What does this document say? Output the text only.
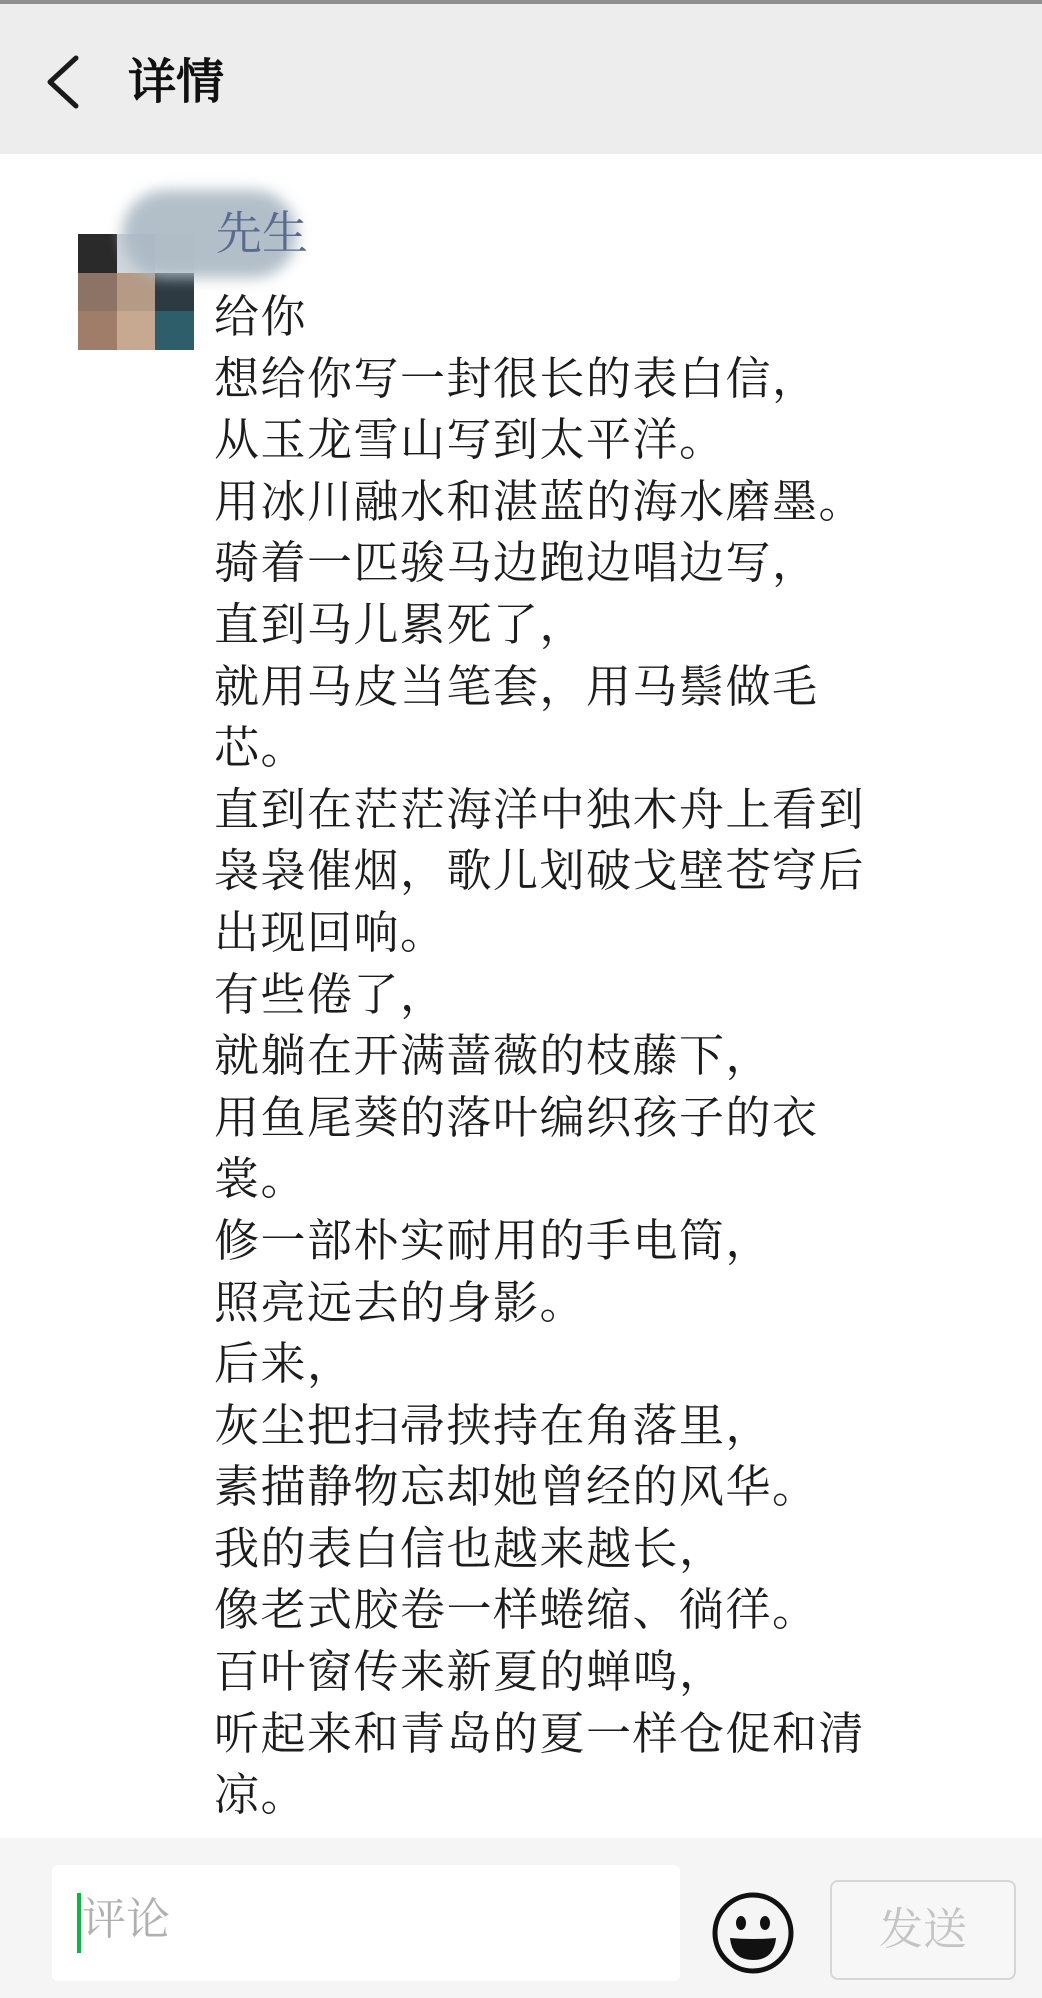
详情
先生
给你
想给你写一封很长的表白信，
从玉龙雪山写到太平洋。
用冰川融水和湛蓝的海水磨墨。
骑着一匹骏马边跑边唱边写，
直到马儿累死了，
就用马皮当笔套，用马鬃做毛
芯。
直到在茫茫海洋中独木舟上看到
袅袅催烟，歌儿划破戈壁苍穹后
出现回响。
有些倦了，
就躺在开满蔷薇的枝藤下，
用鱼尾葵的落叶编织孩子的衣
裳。
修一部朴实耐用的手电筒，
照亮远去的身影。
后来，
灰尘把扫帚挟持在角落里，
素描静物忘却她曾经的风华。
我的表白信也越来越长，
像老式胶卷一样蜷缩、徜徉。
百叶窗传来新夏的蝉鸣，
听起来和青岛的夏一样仓促和清
凉。
评论	发送
